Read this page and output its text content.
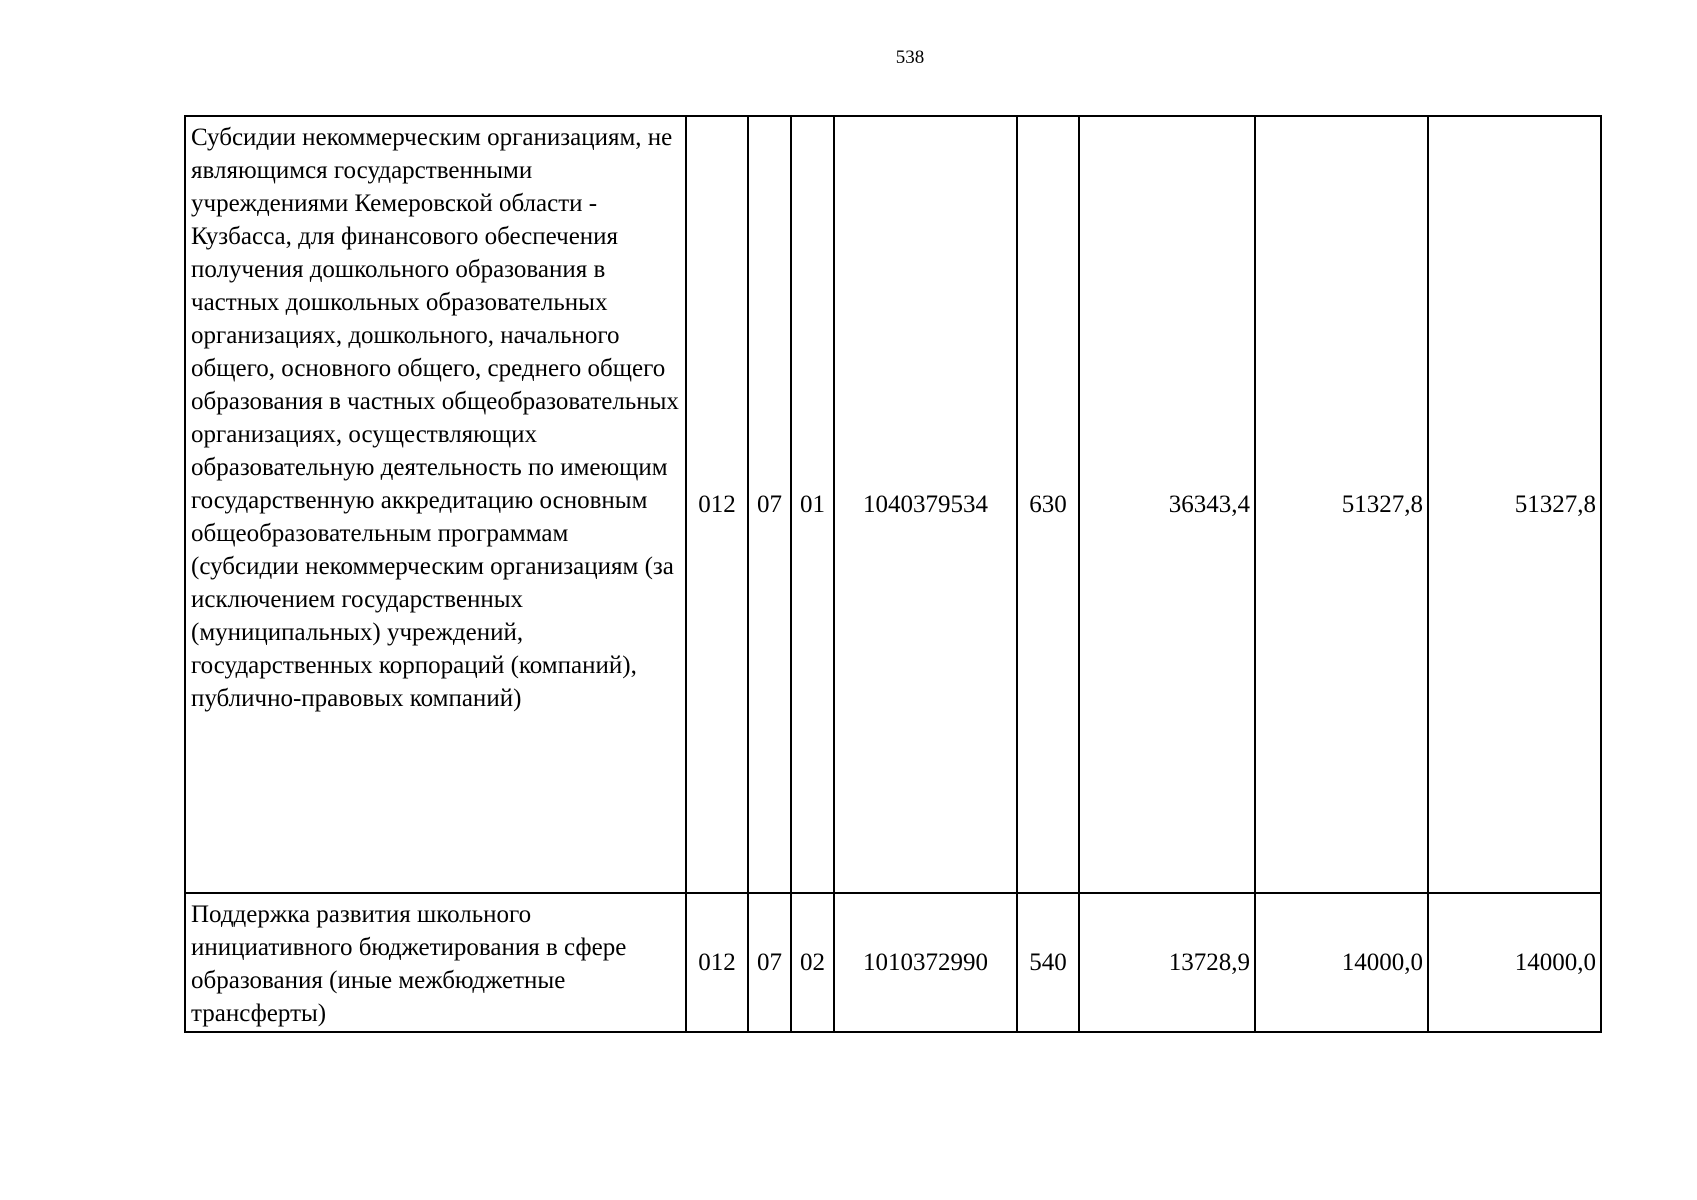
538
Субсидии некоммерческим организациям, не являющимся государственными учреждениями Кемеровской области - Кузбасса, для финансового обеспечения получения дошкольного образования в частных дошкольных образовательных организациях, дошкольного, начального общего, основного общего, среднего общего образования в частных общеобразовательных организациях, осуществляющих образовательную деятельность по имеющим государственную аккредитацию основным общеобразовательным программам (субсидии некоммерческим организациям (за исключением государственных (муниципальных) учреждений, государственных корпораций (компаний), публично-правовых компаний)	012	07	01	1040379534	630	36343,4	51327,8	51327,8
Поддержка развития школьного инициативного бюджетирования в сфере образования (иные межбюджетные трансферты)	012	07	02	1010372990	540	13728,9	14000,0	14000,0
